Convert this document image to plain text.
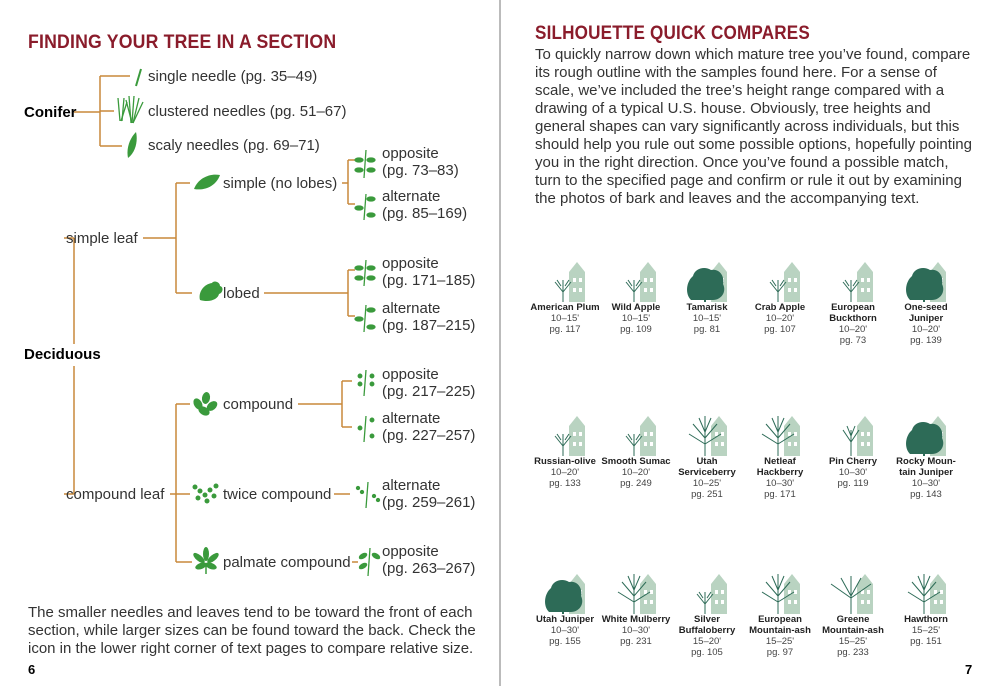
FINDING YOUR TREE IN A SECTION
Conifer
single needle (pg. 35–49)
clustered needles (pg. 51–67)
scaly needles (pg. 69–71)
Deciduous
simple leaf
simple (no lobes)
opposite
(pg. 73–83)
alternate
(pg. 85–169)
lobed
opposite
(pg. 171–185)
alternate
(pg. 187–215)
compound leaf
compound
opposite
(pg. 217–225)
alternate
(pg. 227–257)
twice compound
alternate
(pg. 259–261)
palmate compound
opposite
(pg. 263–267)

The smaller needles and leaves tend to be toward the front of each section, while larger sizes can be found toward the back. Check the icon in the lower right corner of text pages to compare relative size.

6
SILHOUETTE QUICK COMPARES

To quickly narrow down which mature tree you’ve found, compare its rough outline with the samples found here. For a sense of scale, we’ve included the tree’s height range compared with a drawing of a typical U.S. house. Obviously, tree heights and general shapes can vary significantly across individuals, but this should help you rule out some possible options, hopefully pointing you in the right direction. Once you’ve found a possible match, turn to the specified page and confirm or rule it out by examining the photos of bark and leaves and the accompanying text.

American Plum
10–15'
pg. 117
Wild Apple
10–15'
pg. 109
Tamarisk
10–15'
pg. 81
Crab Apple
10–20'
pg. 107
European Buckthorn
10–20'
pg. 73
One-seed Juniper
10–20'
pg. 139
Russian-olive
10–20'
pg. 133
Smooth Sumac
10–20'
pg. 249
Utah Serviceberry
10–25'
pg. 251
Netleaf Hackberry
10–30'
pg. 171
Pin Cherry
10–30'
pg. 119
Rocky Moun-tain Juniper
10–30'
pg. 143
Utah Juniper
10–30'
pg. 155
White Mulberry
10–30'
pg. 231
Silver Buffaloberry
15–20'
pg. 105
European Mountain-ash
15–25'
pg. 97
Greene Mountain-ash
15–25'
pg. 233
Hawthorn
15–25'
pg. 151
7
